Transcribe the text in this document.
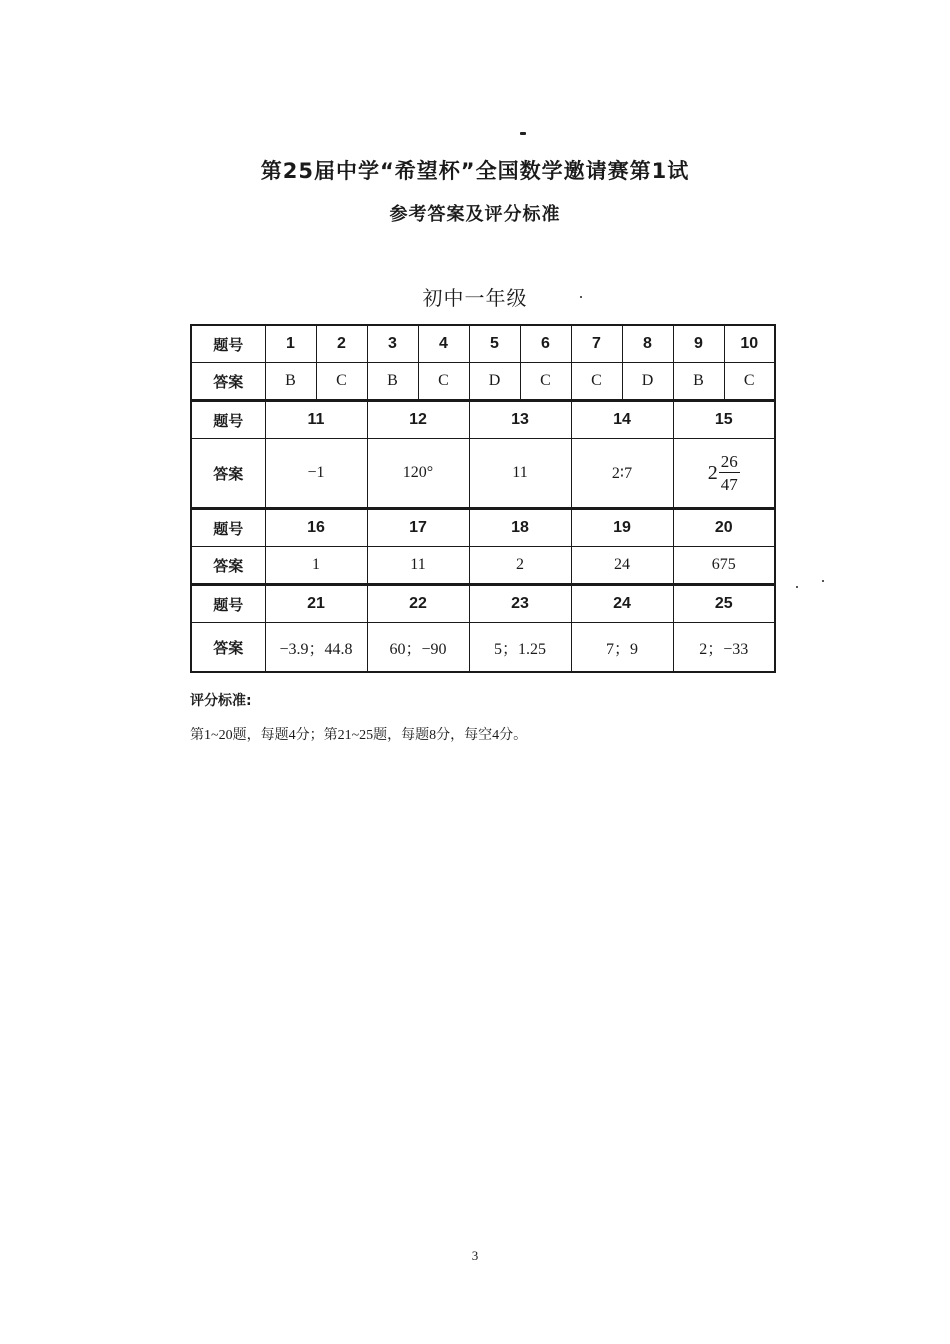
第25届中学“希望杯”全国数学邀请赛第1试
参考答案及评分标准
初中一年级
题号	1	2	3	4	5	6	7	8	9	10
答案	B	C	B	C	D	C	C	D	B	C
题号	11		12		13		14		15	
答案	−1		120°		11		2∶7		$2 \frac{26}{47}$

题号	16		17		18		19		20	
答案	1		11		2		24		675	
题号	21		22		23		24		25	
答案	−3.9；44.8		60；−90		5；1.25		7；9		2；−33	
评分标准:
第1~20题，每题4分；第21~25题，每题8分，每空4分。
3
